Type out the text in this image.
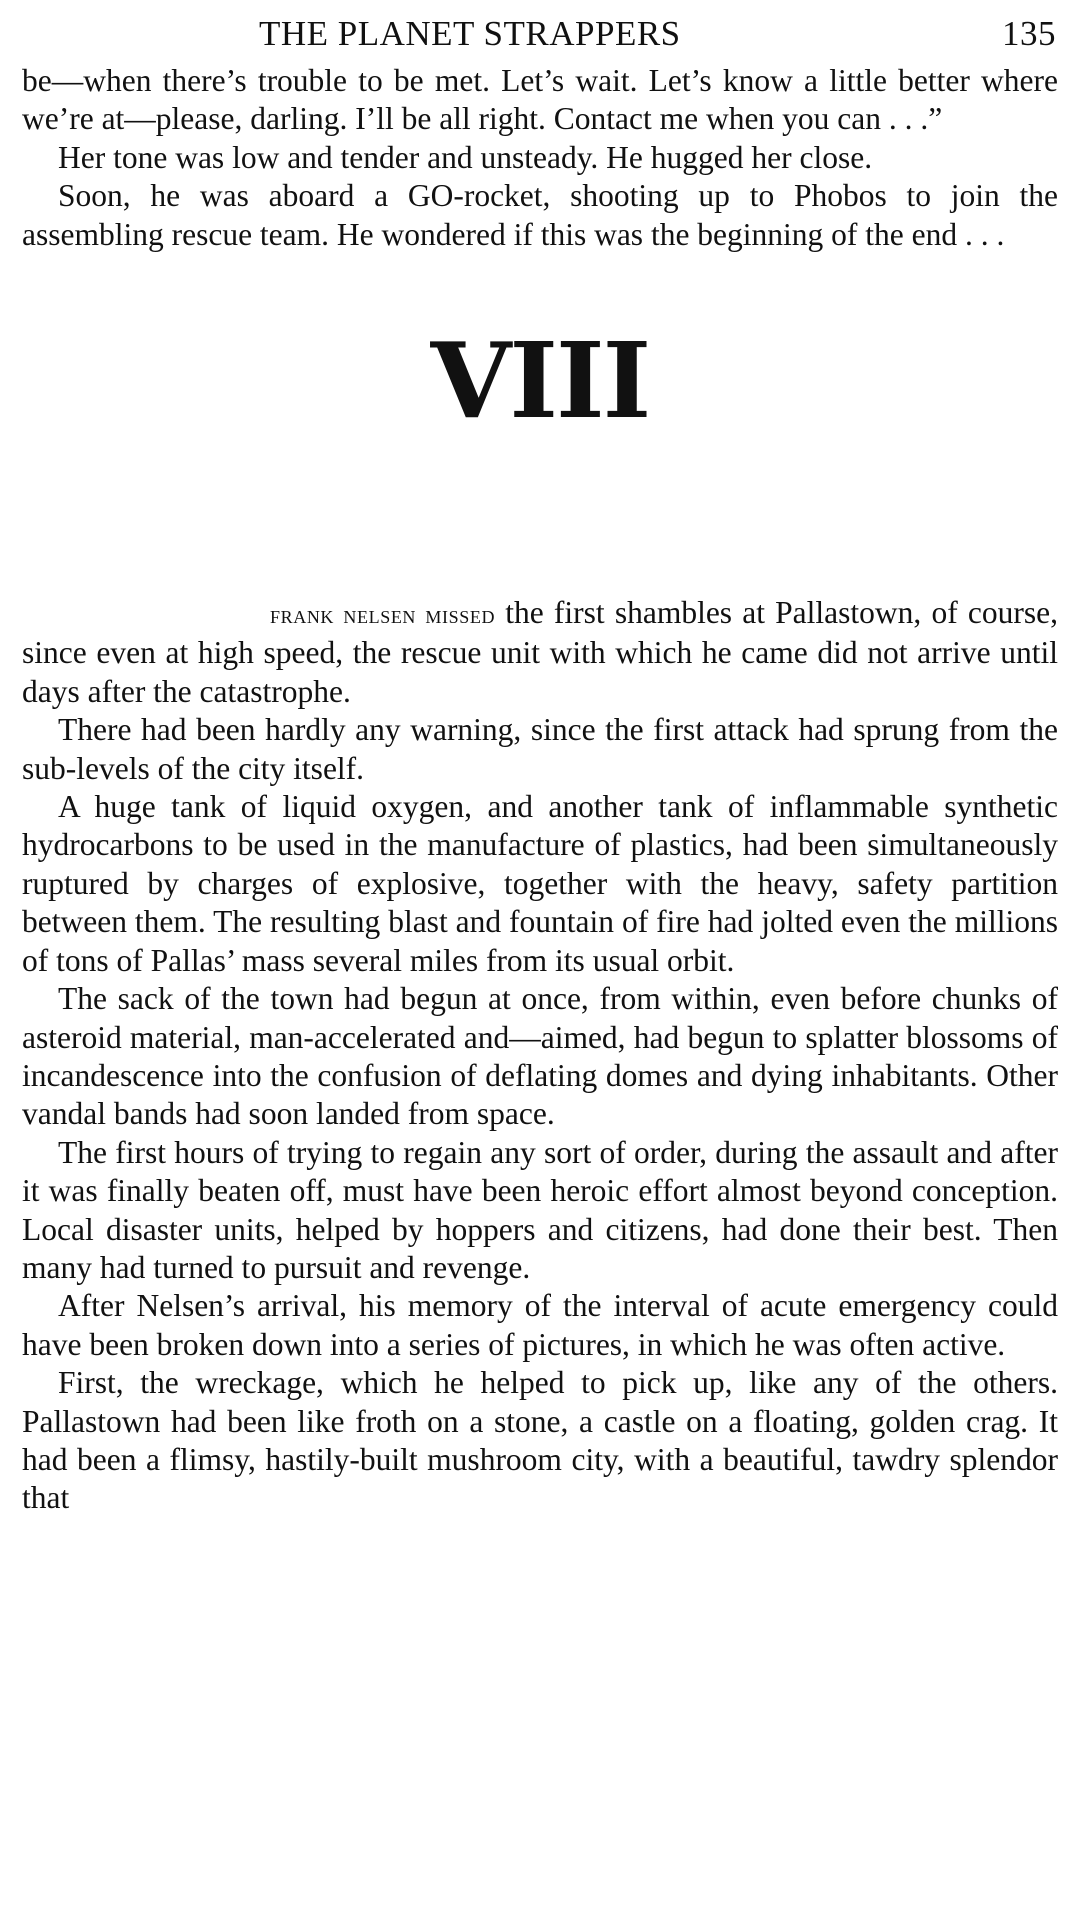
THE PLANET STRAPPERS	135

be—when there’s trouble to be met. Let’s wait. Let’s know a little better where we’re at—please, darling. I’ll be all right. Contact me when you can . . .”

Her tone was low and tender and unsteady. He hugged her close.

Soon, he was aboard a GO-rocket, shooting up to Phobos to join the assembling rescue team. He wondered if this was the beginning of the end . . .

VIII

frank nelsen missed the first shambles at Pallastown, of course, since even at high speed, the rescue unit with which he came did not arrive until days after the catastrophe.

There had been hardly any warning, since the first attack had sprung from the sub-levels of the city itself.

A huge tank of liquid oxygen, and another tank of inflammable synthetic hydrocarbons to be used in the manufacture of plastics, had been simultaneously ruptured by charges of explosive, together with the heavy, safety partition between them. The resulting blast and fountain of fire had jolted even the millions of tons of Pallas’ mass several miles from its usual orbit.

The sack of the town had begun at once, from within, even before chunks of asteroid material, man-accelerated and—aimed, had begun to splatter blossoms of incandescence into the confusion of deflating domes and dying inhabitants. Other vandal bands had soon landed from space.

The first hours of trying to regain any sort of order, during the assault and after it was finally beaten off, must have been heroic effort almost beyond conception. Local disaster units, helped by hoppers and citizens, had done their best. Then many had turned to pursuit and revenge.

After Nelsen’s arrival, his memory of the interval of acute emergency could have been broken down into a series of pictures, in which he was often active.

First, the wreckage, which he helped to pick up, like any of the others. Pallastown had been like froth on a stone, a castle on a floating, golden crag. It had been a flimsy, hastily-built mushroom city, with a beautiful, tawdry splendor that
